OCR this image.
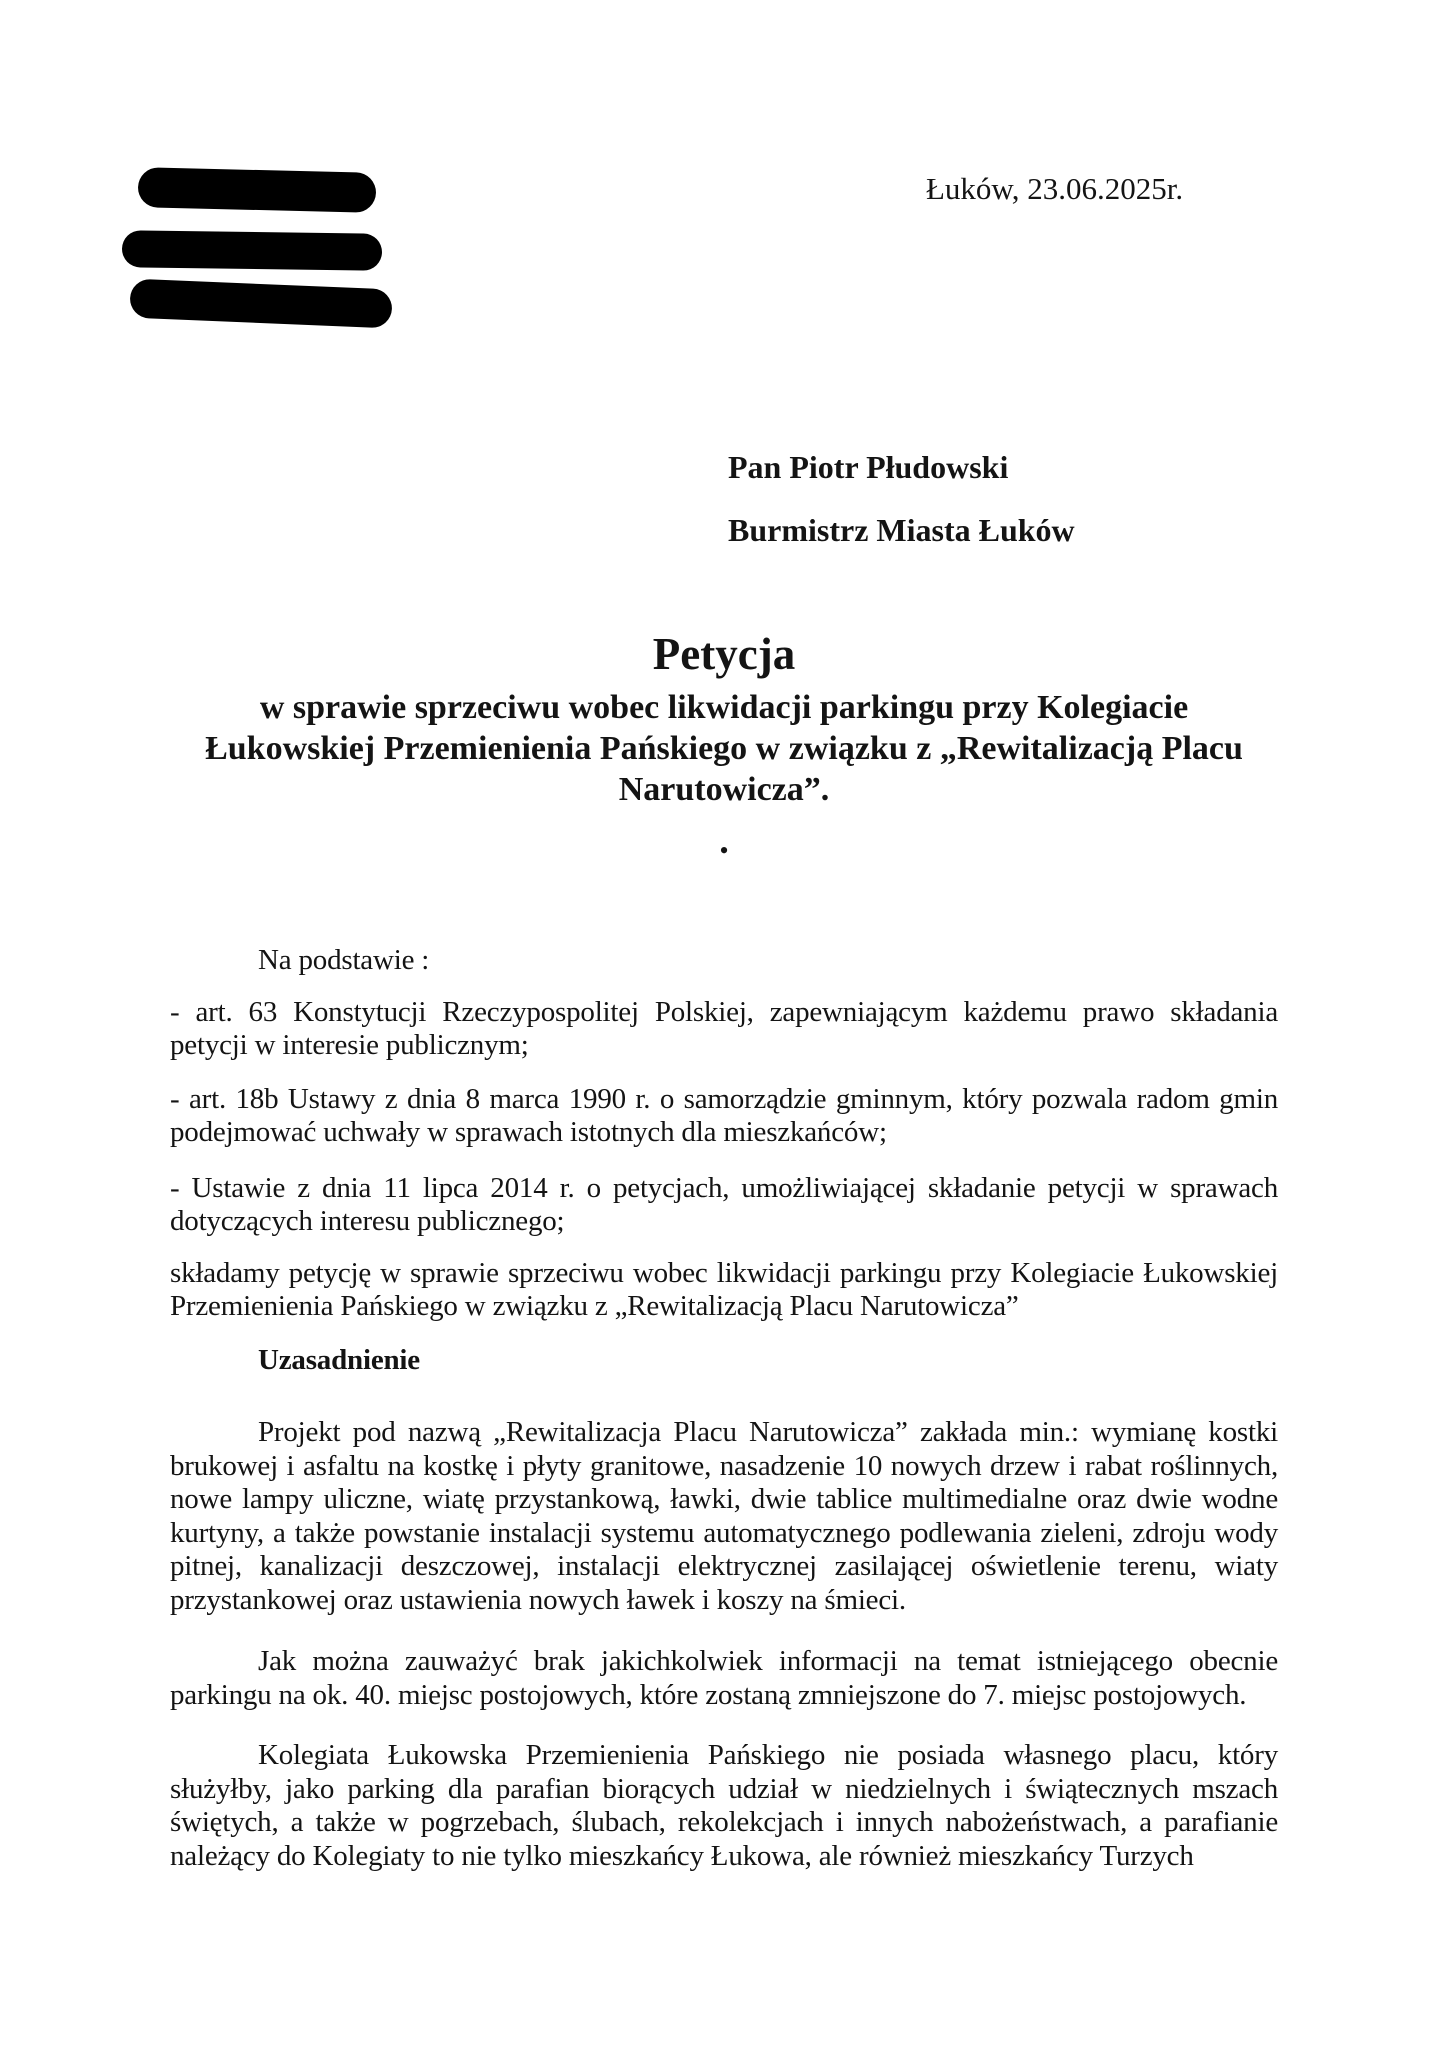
Łuków, 23.06.2025r.
Pan Piotr Płudowski
Burmistrz Miasta Łuków
Petycja
w sprawie sprzeciwu wobec likwidacji parkingu przy Kolegiacie
Łukowskiej Przemienienia Pańskiego w związku z „Rewitalizacją Placu
Narutowicza”.
•

Na podstawie :

- art. 63 Konstytucji Rzeczypospolitej Polskiej, zapewniającym każdemu prawo składania petycji w interesie publicznym;

- art. 18b Ustawy z dnia 8 marca 1990 r. o samorządzie gminnym, który pozwala radom gmin podejmować uchwały w sprawach istotnych dla mieszkańców;

- Ustawie z dnia 11 lipca 2014 r. o petycjach, umożliwiającej składanie petycji w sprawach dotyczących interesu publicznego;

składamy petycję w sprawie sprzeciwu wobec likwidacji parkingu przy Kolegiacie Łukowskiej Przemienienia Pańskiego w związku z „Rewitalizacją Placu Narutowicza”

Uzasadnienie

Projekt pod nazwą „Rewitalizacja Placu Narutowicza” zakłada min.: wymianę kostki brukowej i asfaltu na kostkę i płyty granitowe, nasadzenie 10 nowych drzew i rabat roślinnych, nowe lampy uliczne, wiatę przystankową, ławki, dwie tablice multimedialne oraz dwie wodne kurtyny, a także powstanie instalacji systemu automatycznego podlewania zieleni, zdroju wody pitnej, kanalizacji deszczowej, instalacji elektrycznej zasilającej oświetlenie terenu, wiaty przystankowej oraz ustawienia nowych ławek i koszy na śmieci.

Jak można zauważyć brak jakichkolwiek informacji na temat istniejącego obecnie parkingu na ok. 40. miejsc postojowych, które zostaną zmniejszone do 7. miejsc postojowych.

Kolegiata Łukowska Przemienienia Pańskiego nie posiada własnego placu, który służyłby, jako parking dla parafian biorących udział w niedzielnych i świątecznych mszach świętych, a także w pogrzebach, ślubach, rekolekcjach i innych nabożeństwach, a parafianie należący do Kolegiaty to nie tylko mieszkańcy Łukowa, ale również mieszkańcy Turzych
